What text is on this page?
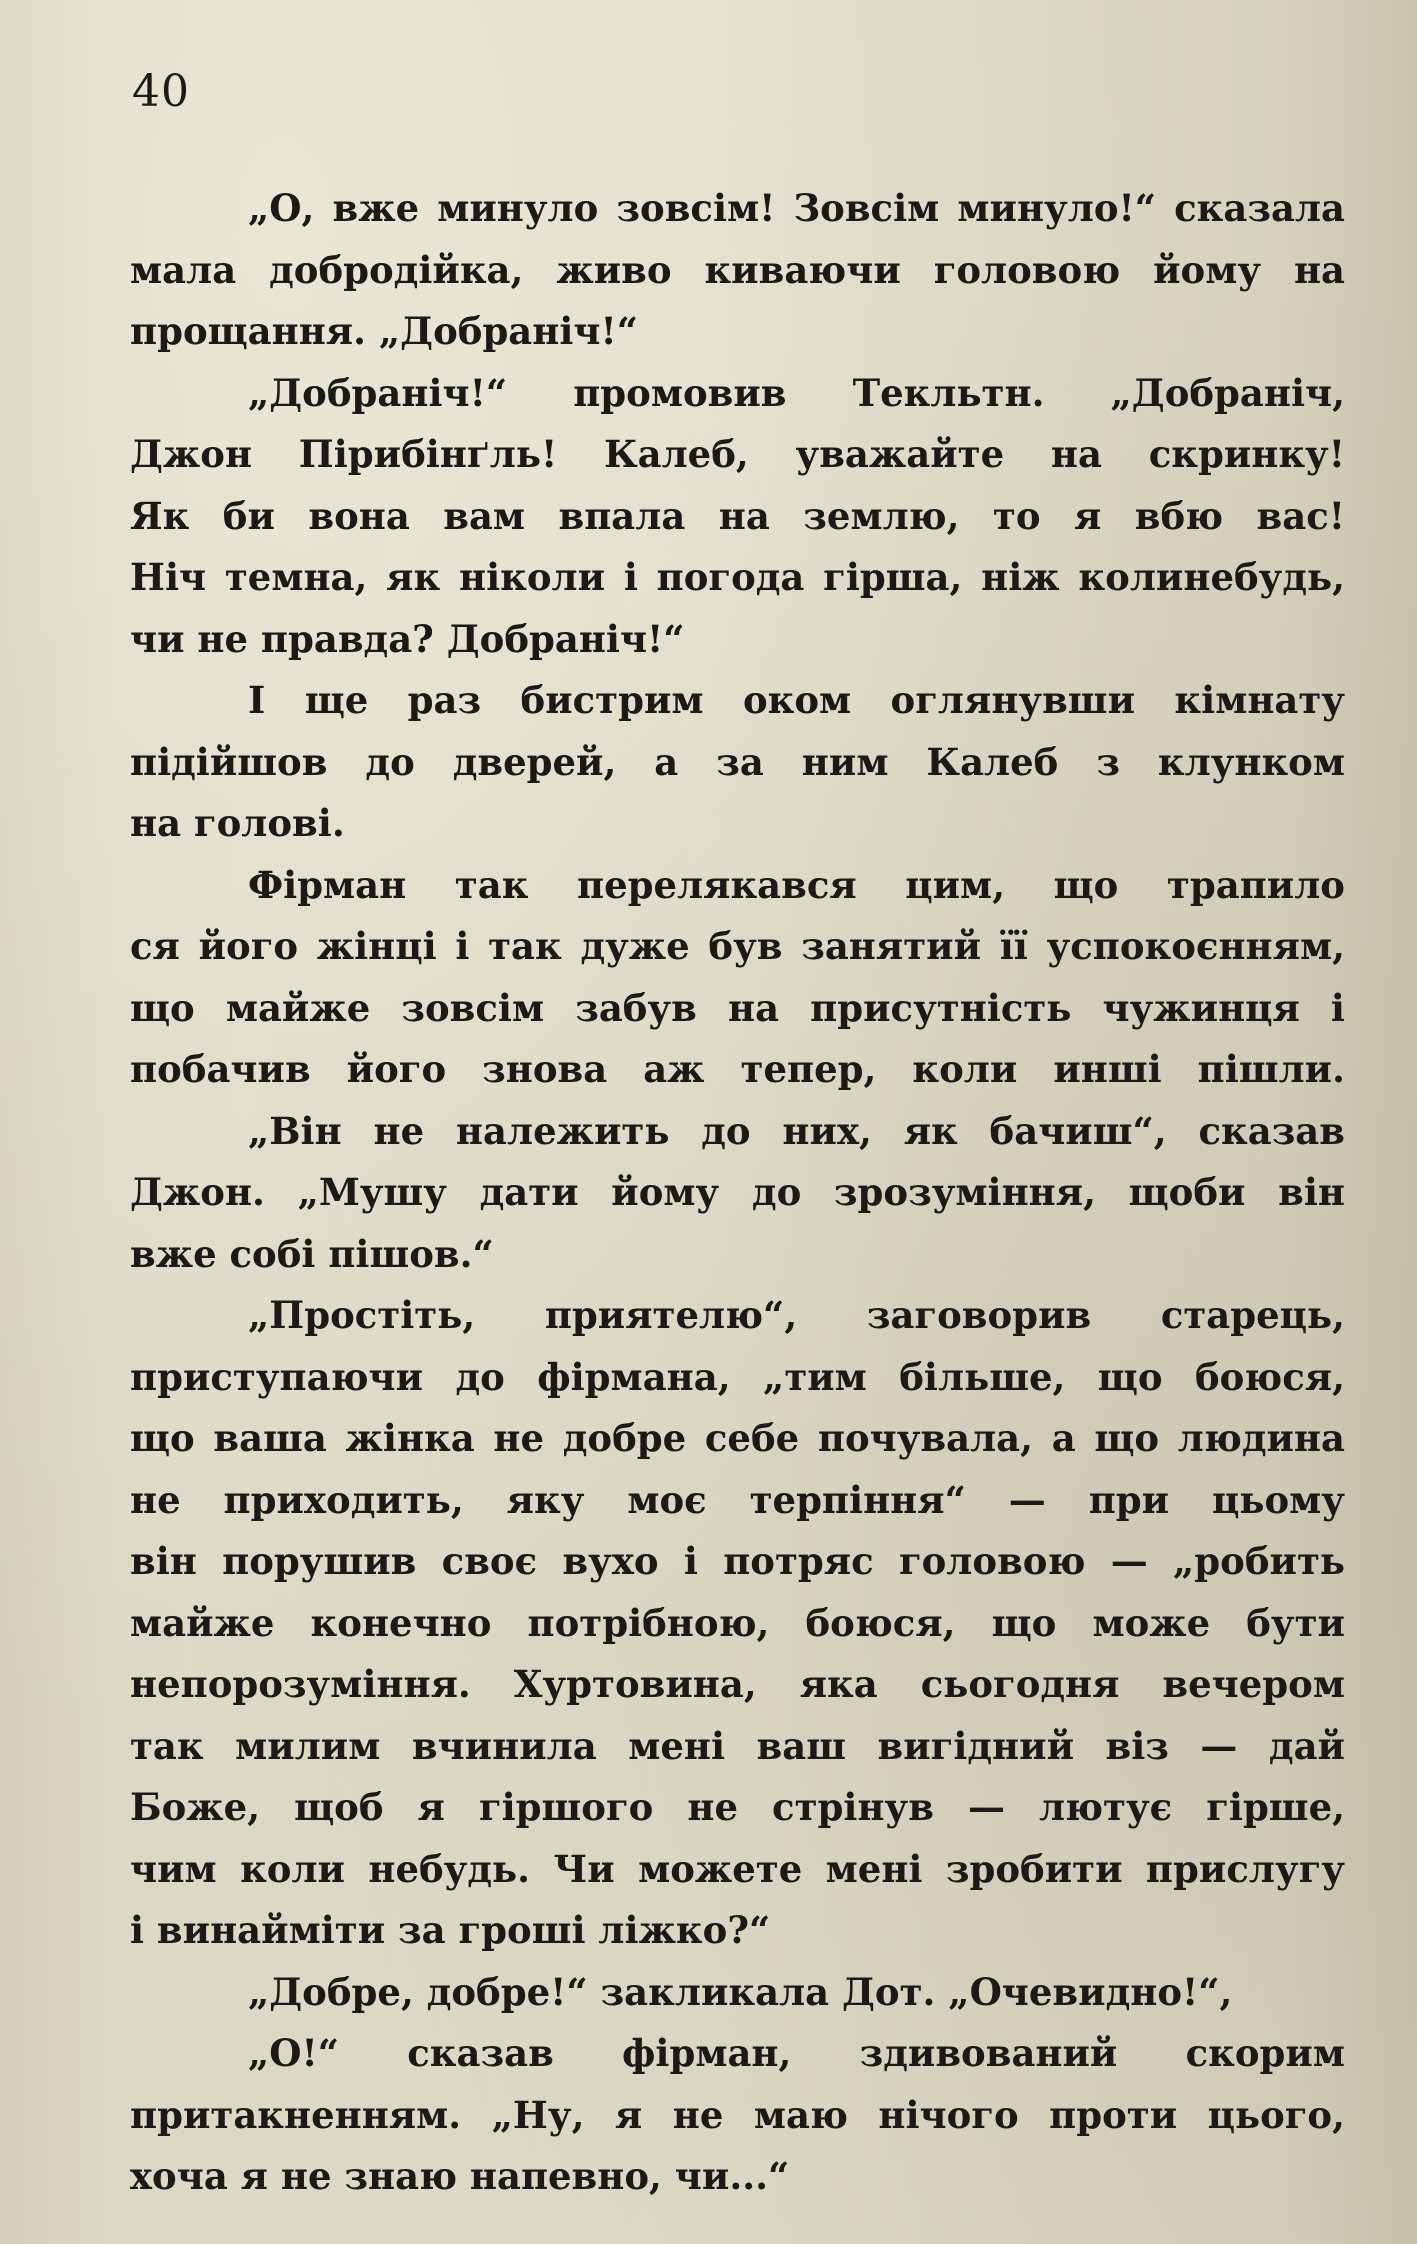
40
„О, вже минуло зовсім! Зовсім минуло!“ сказала
мала добродійка, живо киваючи головою йому на
прощання. „Добраніч!“
„Добраніч!“ промовив Текльтн. „Добраніч,
Джон Пірибінґль! Калеб, уважайте на скринку!
Як би вона вам впала на землю, то я вбю вас!
Ніч темна, як ніколи і погода гірша, ніж колинебудь,
чи не правда? Добраніч!“
І ще раз бистрим оком оглянувши кімнату
підійшов до дверей, а за ним Калеб з клунком
на голові.
Фірман так перелякався цим, що трапило
ся його жінці і так дуже був занятий її успокоєнням,
що майже зовсім забув на присутність чужинця і
побачив його знова аж тепер, коли инші пішли.
„Він не належить до них, як бачиш“, сказав
Джон. „Мушу дати йому до зрозуміння, щоби він
вже собі пішов.“
„Простіть, приятелю“, заговорив старець,
приступаючи до фірмана, „тим більше, що боюся,
що ваша жінка не добре себе почувала, а що людина
не приходить, яку моє терпіння“ — при цьому
він порушив своє вухо і потряс головою — „робить
майже конечно потрібною, боюся, що може бути
непорозуміння. Хуртовина, яка сьогодня вечером
так милим вчинила мені ваш вигідний віз — дай
Боже, щоб я гіршого не стрінув — лютує гірше,
чим коли небудь. Чи можете мені зробити прислугу
і винайміти за гроші ліжко?“
„Добре, добре!“ закликала Дот. „Очевидно!“,
„О!“ сказав фірман, здивований скорим
притакненням. „Ну, я не маю нічого проти цього,
хоча я не знаю напевно, чи...“
